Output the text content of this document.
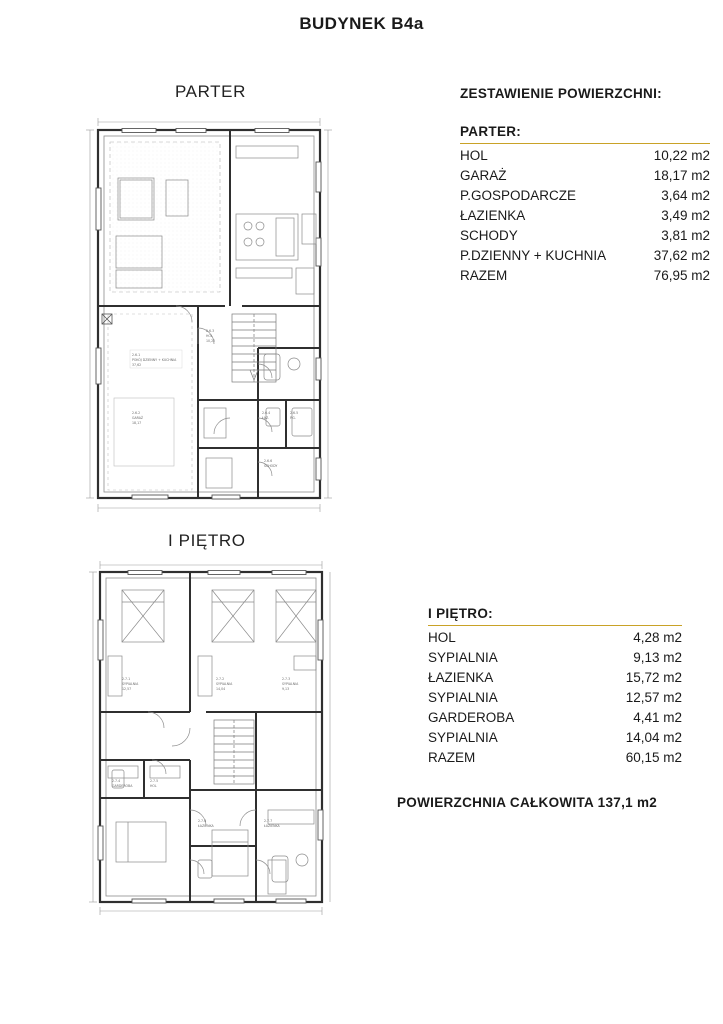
BUDYNEK B4a
PARTER
I PIĘTRO
2.6.1
POKÓJ DZIENNY + KUCHNIA
37,62
2.6.2
GARAŻ
18,17
2.6.3
HOL
10,22
2.6.4
ŁAZ.
2.6.5
P.G.
2.6.6
SCHODY
2.7.1
SYPIALNIA
12,57
2.7.2
SYPIALNIA
14,04
2.7.3
SYPIALNIA
9,13
2.7.4
GARDEROBA
2.7.5
HOL
2.7.6
ŁAZIENKA
2.7.7
ŁAZIENKA
ZESTAWIENIE POWIERZCHNI:
PARTER:
HOL	10,22 m2
GARAŻ	18,17 m2
P.GOSPODARCZE	3,64 m2
ŁAZIENKA	3,49 m2
SCHODY	3,81 m2
P.DZIENNY + KUCHNIA	37,62 m2
RAZEM	76,95 m2
I PIĘTRO:
HOL	4,28 m2
SYPIALNIA	9,13 m2
ŁAZIENKA	15,72 m2
SYPIALNIA	12,57 m2
GARDEROBA	4,41 m2
SYPIALNIA	14,04 m2
RAZEM	60,15 m2
POWIERZCHNIA CAŁKOWITA 137,1 m2
